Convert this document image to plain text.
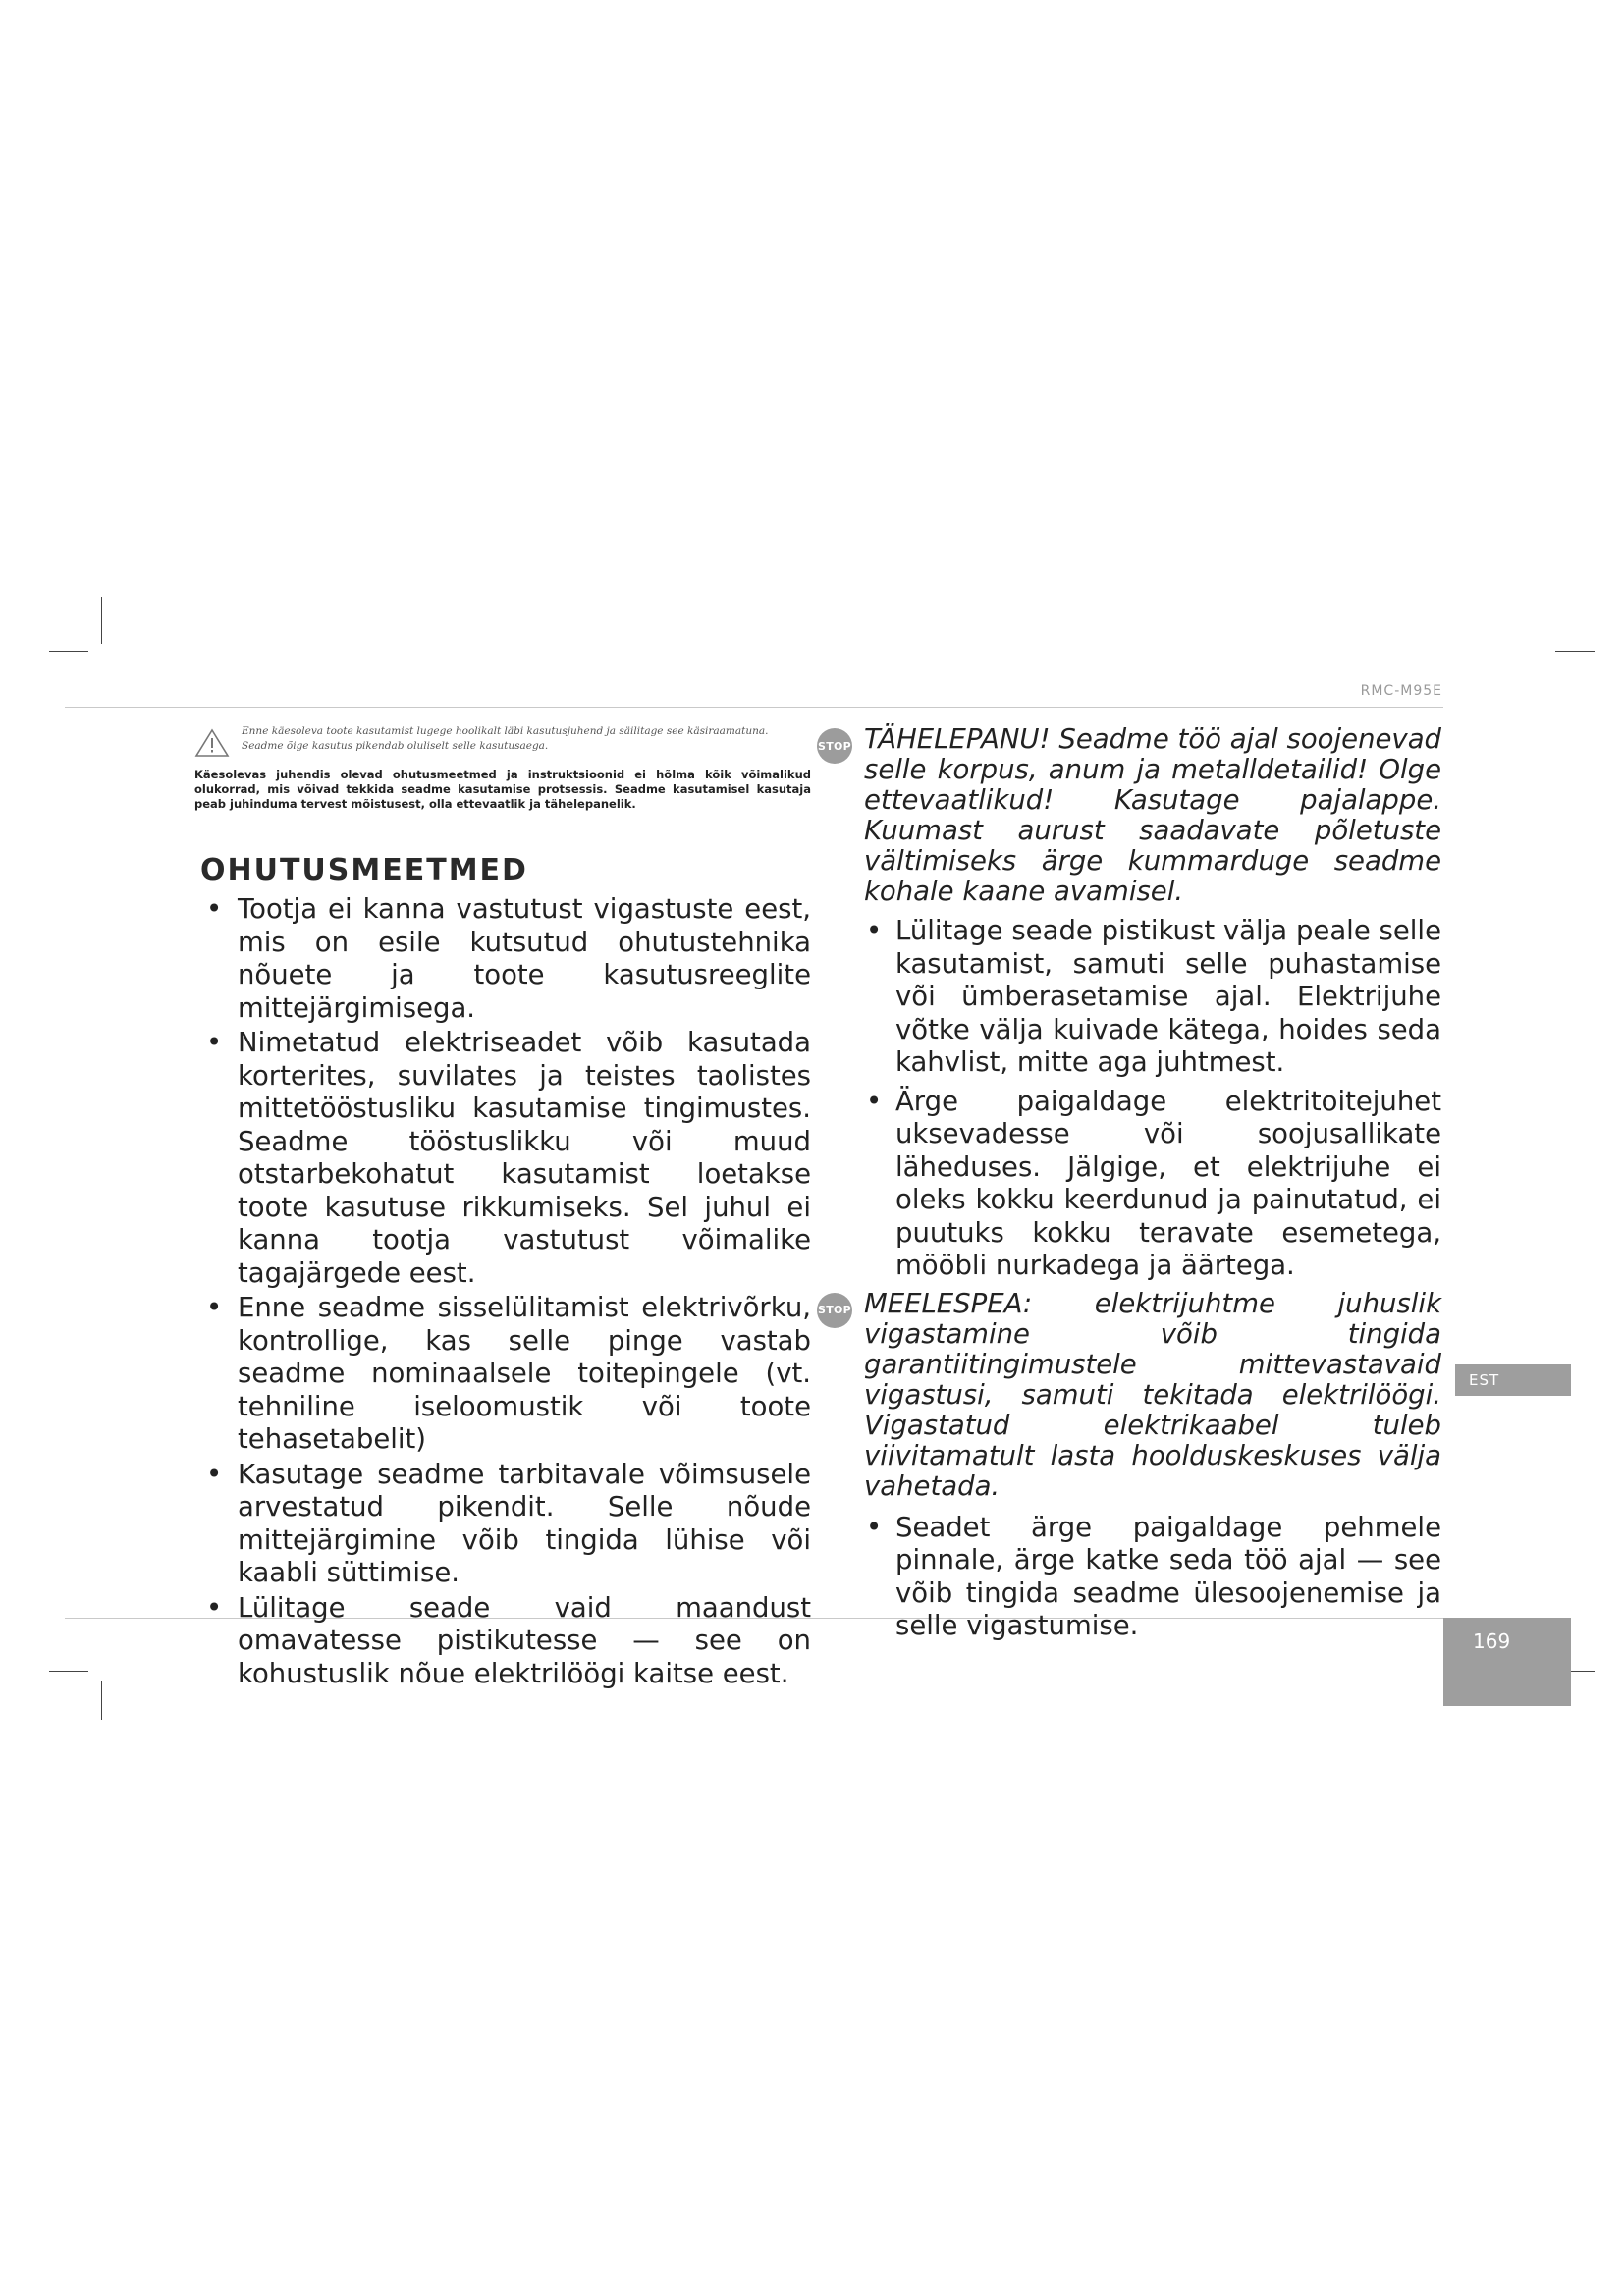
RMC-M95E
Enne käesoleva toote kasutamist lugege hoolikalt läbi kasutusjuhend ja säilitage see käsiraamatuna. Seadme õige kasutus pikendab oluliselt selle kasutusaega.
Käesolevas juhendis olevad ohutusmeetmed ja instruktsioonid ei hõlma kõik võimalikud olukorrad, mis võivad tekkida seadme kasutamise protsessis. Seadme kasutamisel kasutaja peab juhinduma tervest mõistusest, olla ettevaatlik ja tähelepanelik.
OHUTUSMEETMED
• Tootja ei kanna vastutust vigastuste eest, mis on esile kutsutud ohutustehnika nõuete ja toote kasutusreeglite mittejärgimisega.
• Nimetatud elektriseadet võib kasutada korterites, suvilates ja teistes taolistes mittetööstusliku kasutamise tingimustes. Seadme tööstuslikku või muud otstarbekohatut kasutamist loetakse toote kasutuse rikkumiseks. Sel juhul ei kanna tootja vastutust võimalike tagajärgede eest.
• Enne seadme sisselülitamist elektrivõrku, kontrollige, kas selle pinge vastab seadme nominaalsele toitepingele (vt. tehniline iseloomustik või toote tehasetabelit)
• Kasutage seadme tarbitavale võimsusele arvestatud pikendit. Selle nõude mittejärgimine võib tingida lühise või kaabli süttimise.
• Lülitage seade vaid maandust omavatesse pistikutesse — see on kohustuslik nõue elektrilöögi kaitse eest.
STOP TÄHELEPANU! Seadme töö ajal soojenevad selle korpus, anum ja metalldetailid! Olge ettevaatlikud! Kasutage pajalappe. Kuumast aurust saadavate põletuste vältimiseks ärge kummarduge seadme kohale kaane avamisel.
• Lülitage seade pistikust välja peale selle kasutamist, samuti selle puhastamise või ümberasetamise ajal. Elektrijuhe võtke välja kuivade kätega, hoides seda kahvlist, mitte aga juhtmest.
• Ärge paigaldage elektritoitejuhet uksevadesse või soojusallikate läheduses. Jälgige, et elektrijuhe ei oleks kokku keerdunud ja painutatud, ei puutuks kokku teravate esemetega, mööbli nurkadega ja äärtega.
STOP MEELESPEA: elektrijuhtme juhuslik vigastamine võib tingida garantiitingimustele mittevastavaid vigastusi, samuti tekitada elektrilöögi. Vigastatud elektrikaabel tuleb viivitamatult lasta hoolduskeskuses välja vahetada.
• Seadet ärge paigaldage pehmele pinnale, ärge katke seda töö ajal — see võib tingida seadme ülesoojenemise ja selle vigastumise.
EST
169
